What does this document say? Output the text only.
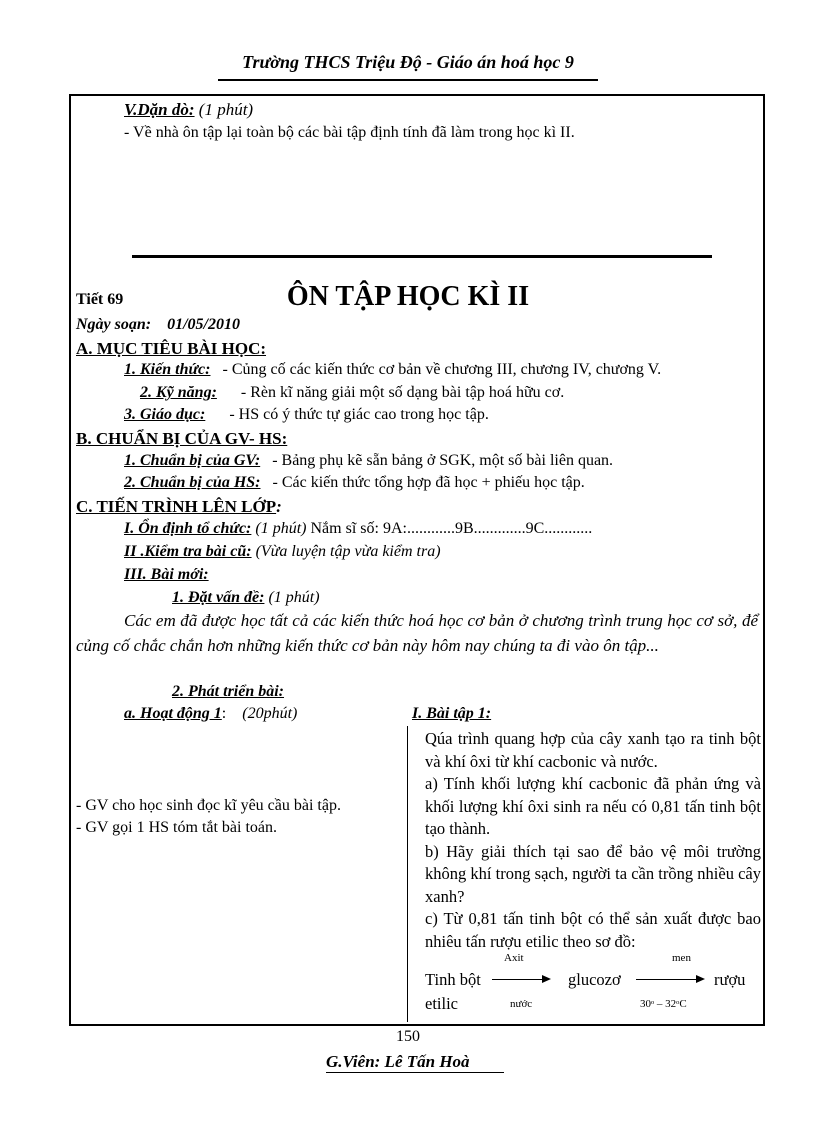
Trường THCS Triệu Độ - Giáo án hoá học 9
V.Dặn dò: (1 phút)
- Về nhà ôn tập lại toàn bộ các bài tập định tính đã làm trong học kì II.
Tiết 69	ÔN TẬP HỌC KÌ II
Ngày soạn: 01/05/2010
A. MỤC TIÊU BÀI HỌC:
1. Kiến thức: - Củng cố các kiến thức cơ bản về chương III, chương IV, chương V.
2. Kỹ năng: - Rèn kĩ năng giải một số dạng bài tập hoá hữu cơ.
3. Giáo dục: - HS có ý thức tự giác cao trong học tập.
B. CHUẨN BỊ CỦA GV- HS:
1. Chuẩn bị của GV: - Bảng phụ kẽ sẵn bảng ở SGK, một số bài liên quan.
2. Chuẩn bị của HS: - Các kiến thức tổng hợp đã học + phiếu học tập.
C. TIẾN TRÌNH LÊN LỚP:
I. Ổn định tổ chức: (1 phút) Nắm sĩ số: 9A:............9B.............9C............
II .Kiểm tra bài cũ: (Vừa luyện tập vừa kiểm tra)
III. Bài mới:
1. Đặt vấn đề: (1 phút)
Các em đã được học tất cả các kiến thức hoá học cơ bản ở chương trình trung học cơ sở, để củng cố chắc chắn hơn những kiến thức cơ bản này hôm nay chúng ta đi vào ôn tập...
2. Phát triển bài:
a. Hoạt động 1: (20phút)	I. Bài tập 1:
- GV cho học sinh đọc kĩ yêu cầu bài tập.
- GV gọi 1 HS tóm tắt bài toán.

Qúa trình quang hợp của cây xanh tạo ra tinh bột và khí ôxi từ khí cacbonic và nước.

a) Tính khối lượng khí cacbonic đã phản ứng và khối lượng khí ôxi sinh ra nếu có 0,81 tấn tinh bột tạo thành.

b) Hãy giải thích tại sao để bảo vệ môi trường không khí trong sạch, người ta cần trồng nhiều cây xanh?

c) Từ 0,81 tấn tinh bột có thể sản xuất được bao nhiêu tấn rượu etilic theo sơ đồ:

Axit	men
Tinh bột	glucozơ	rượu
etilic	nước	30ᵒ – 32ᵒC
150
G.Viên: Lê Tấn Hoà
